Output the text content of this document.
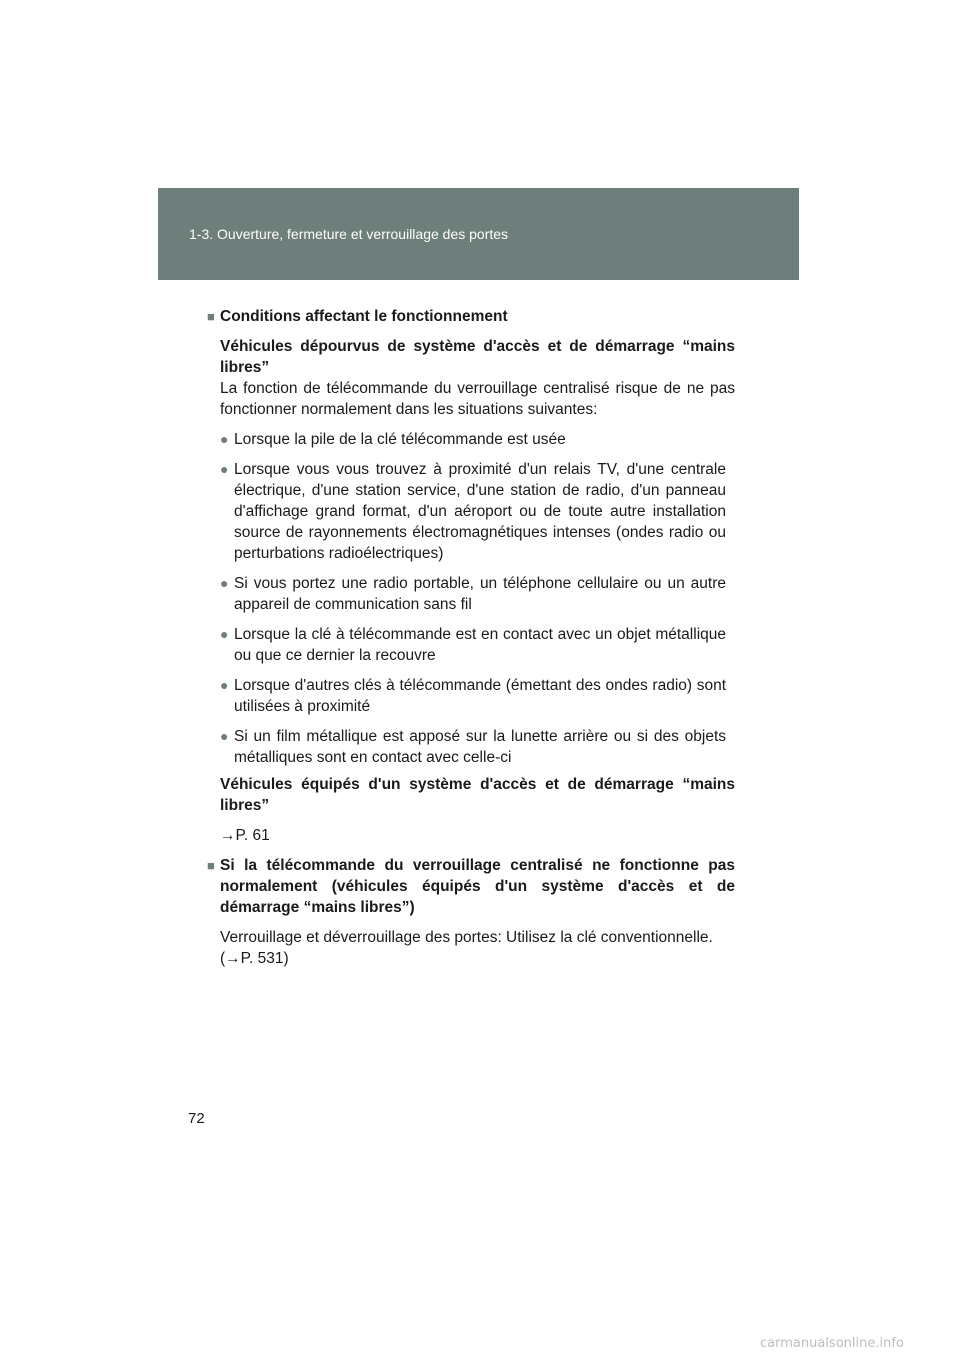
1-3. Ouverture, fermeture et verrouillage des portes
■ Conditions affectant le fonctionnement
Véhicules dépourvus de système d'accès et de démarrage “mains libres”
La fonction de télécommande du verrouillage centralisé risque de ne pas fonctionner normalement dans les situations suivantes:
● Lorsque la pile de la clé télécommande est usée
● Lorsque vous vous trouvez à proximité d'un relais TV, d'une centrale électrique, d'une station service, d'une station de radio, d'un panneau d'affichage grand format, d'un aéroport ou de toute autre installation source de rayonnements électromagnétiques intenses (ondes radio ou perturbations radioélectriques)
● Si vous portez une radio portable, un téléphone cellulaire ou un autre appareil de communication sans fil
● Lorsque la clé à télécommande est en contact avec un objet métallique ou que ce dernier la recouvre
● Lorsque d'autres clés à télécommande (émettant des ondes radio) sont utilisées à proximité
● Si un film métallique est apposé sur la lunette arrière ou si des objets métalliques sont en contact avec celle-ci
Véhicules équipés d'un système d'accès et de démarrage “mains libres”
→P. 61
■ Si la télécommande du verrouillage centralisé ne fonctionne pas normalement (véhicules équipés d'un système d'accès et de démarrage “mains libres”)
Verrouillage et déverrouillage des portes: Utilisez la clé conventionnelle.
(→P. 531)
72
carmanualsonline.info
